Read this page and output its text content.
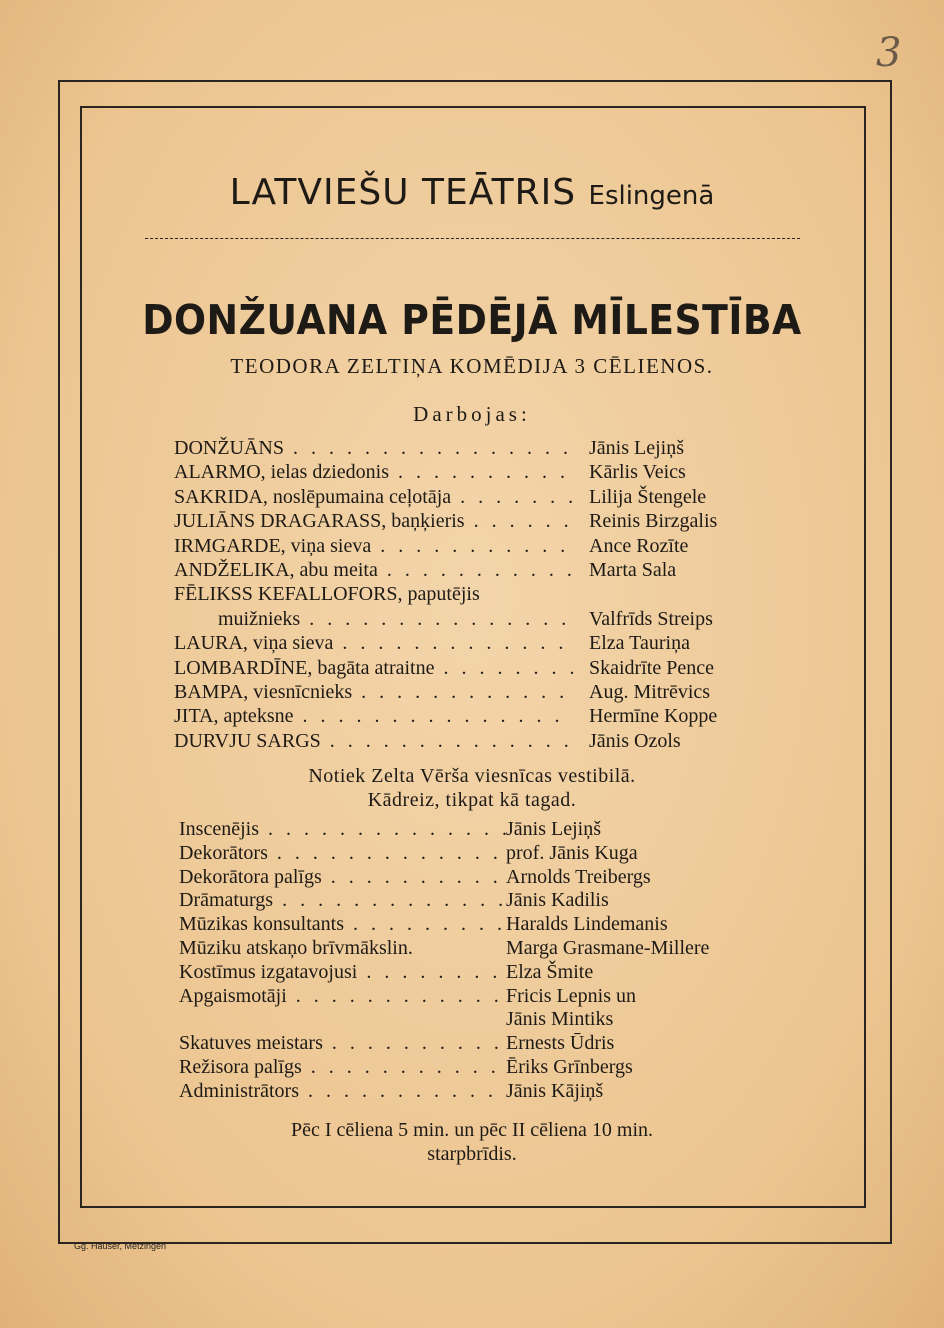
3
LATVIEŠU TEĀTRIS Eslingenā
DONŽUANA PĒDĒJĀ MĪLESTĪBA
TEODORA ZELTIŅA KOMĒDIJA 3 CĒLIENOS.
Darbojas:
DONŽUĀNS . . .	Jānis Lejiņš
ALARMO, ielas dziedonis . . .	Kārlis Veics
SAKRIDA, noslēpumaina ceļotāja . . .	Lilija Štengele
JULIĀNS DRAGARASS, baņķieris . . .	Reinis Birzgalis
IRMGARDE, viņa sieva . . .	Ance Rozīte
ANDŽELIKA, abu meita . . .	Marta Sala
FĒLIKSS KEFALLOFORS, paputējis
muižnieks . . .	Valfrīds Streips
LAURA, viņa sieva . . .	Elza Tauriņa
LOMBARDĪNE, bagāta atraitne . . .	Skaidrīte Pence
BAMPA, viesnīcnieks . . .	Aug. Mitrēvics
JITA, apteksne . . .	Hermīne Koppe
DURVJU SARGS . . .	Jānis Ozols
Notiek Zelta Vērša viesnīcas vestibilā.
Kādreiz, tikpat kā tagad.
Inscenējis . . .	Jānis Lejiņš
Dekorātors . . .	prof. Jānis Kuga
Dekorātora palīgs . . .	Arnolds Treibergs
Drāmaturgs . . .	Jānis Kadilis
Mūzikas konsultants . . .	Haralds Lindemanis
Mūziku atskaņo brīvmākslin.	Marga Grasmane-Millere
Kostīmus izgatavojusi . . .	Elza Šmite
Apgaismotāji . . .	Fricis Lepnis un
Jānis Mintiks
Skatuves meistars . . .	Ernests Ūdris
Režisora palīgs . . .	Ēriks Grīnbergs
Administrātors . . .	Jānis Kājiņš
Pēc I cēliena 5 min. un pēc II cēliena 10 min.
starpbrīdis.
Gg. Hauser, Metzingen
